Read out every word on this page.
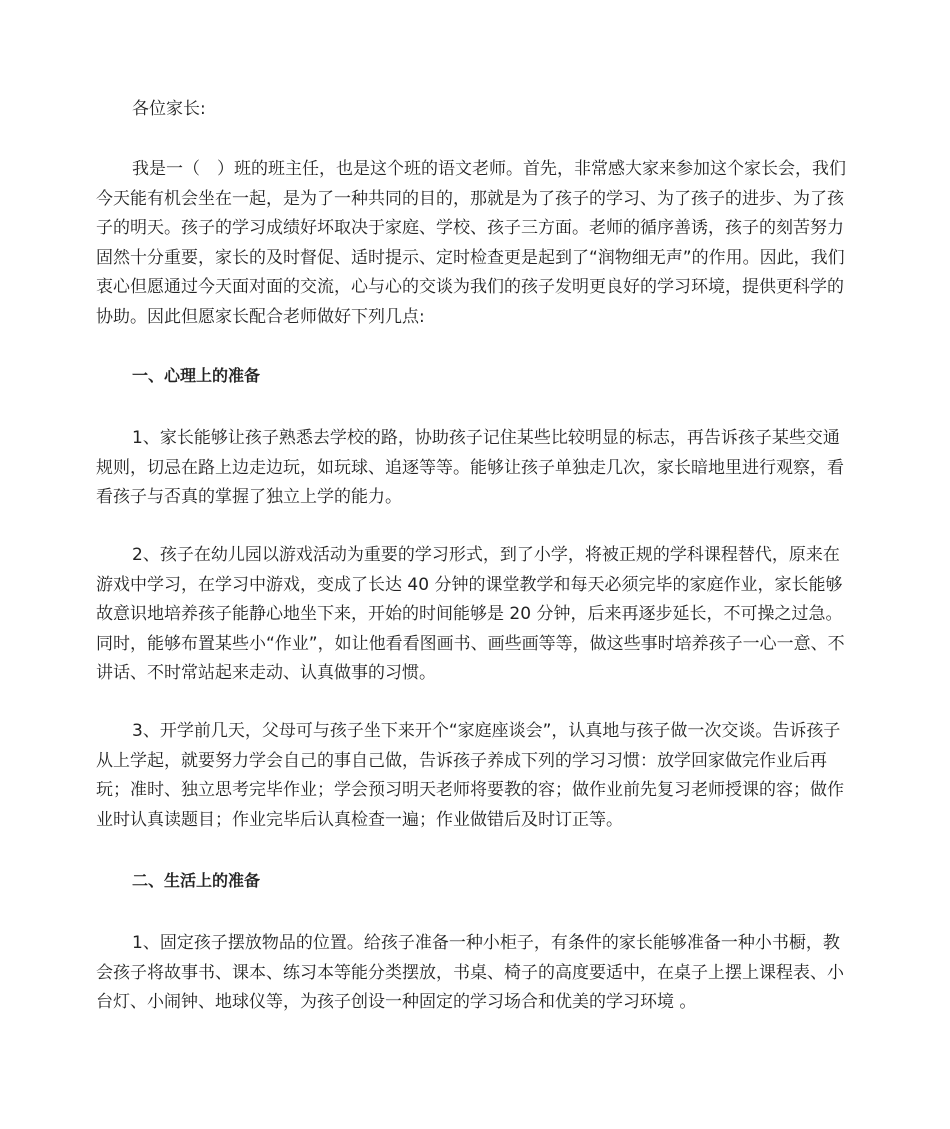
各位家长:

我是一（　）班的班主任，也是这个班的语文老师。首先，非常感大家来参加这个家长会，我们今天能有机会坐在一起，是为了一种共同的目的，那就是为了孩子的学习、为了孩子的进步、为了孩子的明天。孩子的学习成绩好坏取决于家庭、学校、孩子三方面。老师的循序善诱，孩子的刻苦努力固然十分重要，家长的及时督促、适时提示、定时检查更是起到了“润物细无声”的作用。因此，我们衷心但愿通过今天面对面的交流，心与心的交谈为我们的孩子发明更良好的学习环境，提供更科学的协助。因此但愿家长配合老师做好下列几点:

一、心理上的准备

1、家长能够让孩子熟悉去学校的路，协助孩子记住某些比较明显的标志，再告诉孩子某些交通规则，切忌在路上边走边玩，如玩球、追逐等等。能够让孩子单独走几次，家长暗地里进行观察，看看孩子与否真的掌握了独立上学的能力。

2、孩子在幼儿园以游戏活动为重要的学习形式，到了小学，将被正规的学科课程替代，原来在游戏中学习，在学习中游戏，变成了长达 40 分钟的课堂教学和每天必须完毕的家庭作业，家长能够故意识地培养孩子能静心地坐下来，开始的时间能够是 20 分钟，后来再逐步延长，不可操之过急。同时，能够布置某些小“作业”，如让他看看图画书、画些画等等，做这些事时培养孩子一心一意、不讲话、不时常站起来走动、认真做事的习惯。

3、开学前几天，父母可与孩子坐下来开个“家庭座谈会”，认真地与孩子做一次交谈。告诉孩子从上学起，就要努力学会自己的事自己做，告诉孩子养成下列的学习习惯：放学回家做完作业后再玩；准时、独立思考完毕作业；学会预习明天老师将要教的容；做作业前先复习老师授课的容；做作业时认真读题目；作业完毕后认真检查一遍；作业做错后及时订正等。

二、生活上的准备

1、固定孩子摆放物品的位置。给孩子准备一种小柜子，有条件的家长能够准备一种小书橱，教会孩子将故事书、课本、练习本等能分类摆放，书桌、椅子的高度要适中，在桌子上摆上课程表、小台灯、小闹钟、地球仪等，为孩子创设一种固定的学习场合和优美的学习环境 。
